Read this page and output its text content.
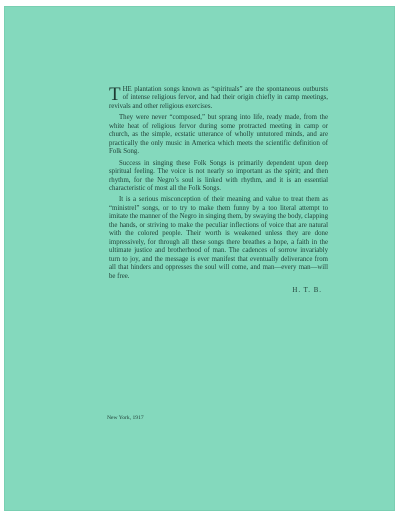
THE plantation songs known as “spirituals” are the spontaneous outbursts of intense religious fervor, and had their origin chiefly in camp meetings, revivals and other religious exercises.

They were never “composed,” but sprang into life, ready made, from the white heat of religious fervor during some protracted meeting in camp or church, as the simple, ecstatic utterance of wholly untutored minds, and are practically the only music in America which meets the scientific definition of Folk Song.

Success in singing these Folk Songs is primarily dependent upon deep spiritual feeling. The voice is not nearly so important as the spirit; and then rhythm, for the Negro’s soul is linked with rhythm, and it is an essential characteristic of most all the Folk Songs.

It is a serious misconception of their meaning and value to treat them as “ministrel” songs, or to try to make them funny by a too literal attempt to imitate the manner of the Negro in singing them, by swaying the body, clapping the hands, or striving to make the peculiar inflections of voice that are natural with the colored people. Their worth is weakened unless they are done impressively, for through all these songs there breathes a hope, a faith in the ultimate justice and brotherhood of man. The cadences of sorrow invariably turn to joy, and the message is ever manifest that eventually deliverance from all that hinders and oppresses the soul will come, and man—every man—will be free.

H. T. B.
New York, 1917
